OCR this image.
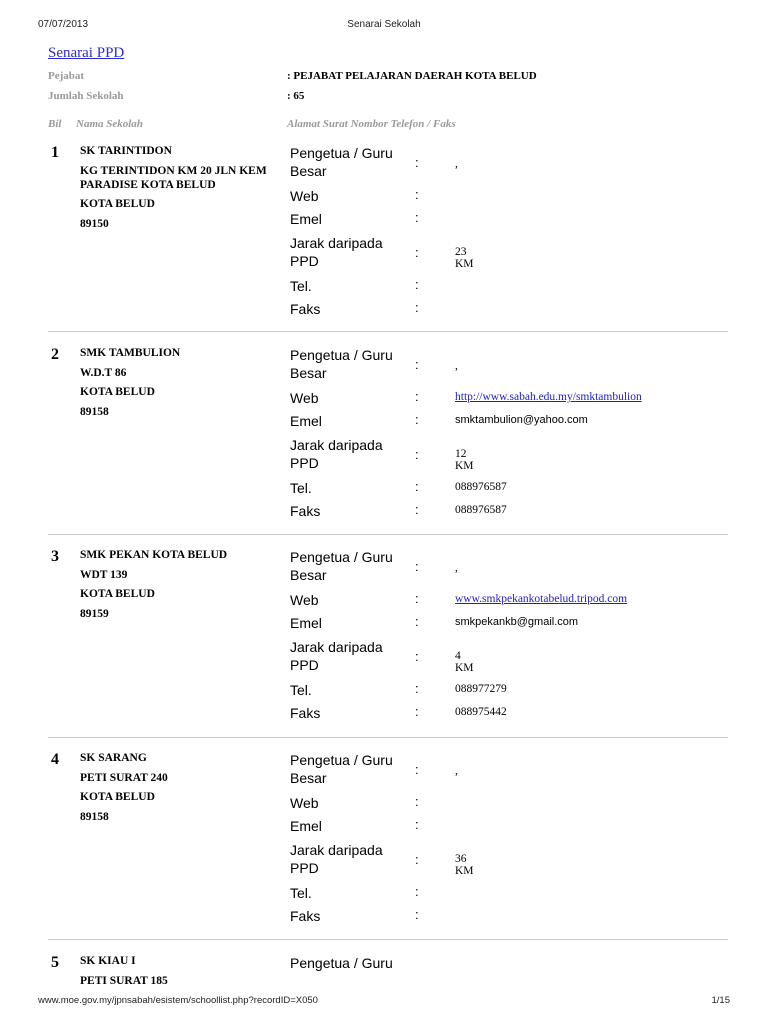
07/07/2013	Senarai Sekolah
www.moe.gov.my/jpnsabah/esistem/schoollist.php?recordID=X050	1/15
Senarai PPD
Pejabat	: PEJABAT PELAJARAN DAERAH KOTA BELUD
Jumlah Sekolah	: 65
Bil Nama Sekolah	Alamat Surat Nombor Telefon / Faks
1 SK TARINTIDON
KG TERINTIDON KM 20 JLN KEM PARADISE KOTA BELUD
KOTA BELUD
89150
Pengetua / Guru
Besar
:	,
Web	:
Emel	:
Jarak daripada
PPD
:	23 KM
Tel.	:
Faks	:
2 SMK TAMBULION
W.D.T 86
KOTA BELUD
89158
Pengetua / Guru
Besar
:	,
Web	:	http://www.sabah.edu.my/smktambulion
Emel	:	smktambulion@yahoo.com
Jarak daripada
PPD
:	12 KM
Tel.	:	088976587
Faks	:	088976587
3 SMK PEKAN KOTA BELUD
WDT 139
KOTA BELUD
89159
Pengetua / Guru
Besar
:	,
Web	:	www.smkpekankotabelud.tripod.com
Emel	:	smkpekankb@gmail.com
Jarak daripada
PPD
:	4 KM
Tel.	:	088977279
Faks	:	088975442
4 SK SARANG
PETI SURAT 240
KOTA BELUD
89158
Pengetua / Guru
Besar
:	,
Web	:
Emel	:
Jarak daripada
PPD
:	36 KM
Tel.	:
Faks	:
5 SK KIAU I
PETI SURAT 185
Pengetua / Guru
